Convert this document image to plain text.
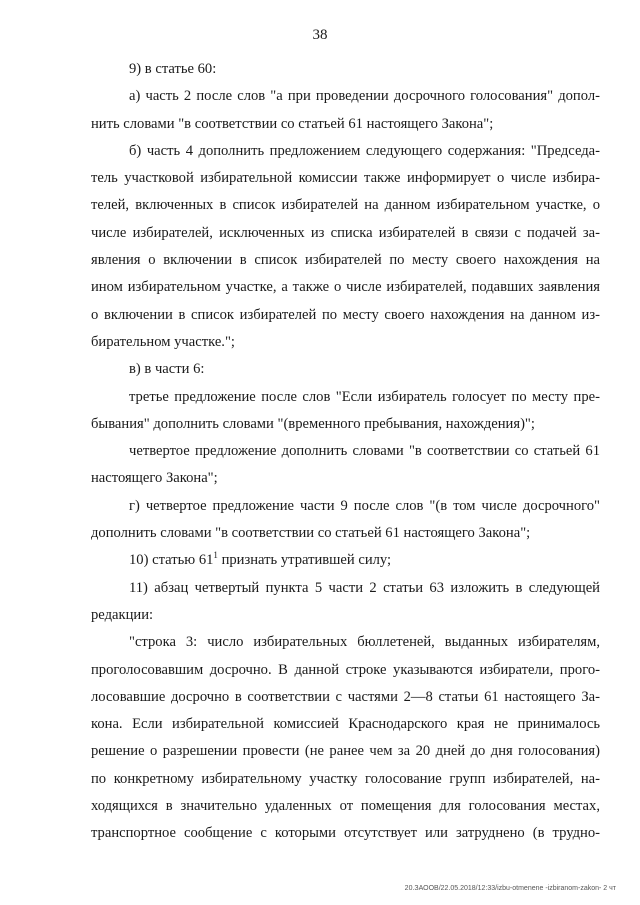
38
9) в статье 60:
а) часть 2 после слов "а при проведении досрочного голосования" допол-
нить словами "в соответствии со статьей 61 настоящего Закона";
б) часть 4 дополнить предложением следующего содержания: "Председа-
тель участковой избирательной комиссии также информирует о числе избира-
телей, включенных в список избирателей на данном избирательном участке, о
числе избирателей, исключенных из списка избирателей в связи с подачей за-
явления о включении в список избирателей по месту своего нахождения на
ином избирательном участке, а также о числе избирателей, подавших заявления
о включении в список избирателей по месту своего нахождения на данном из-
бирательном участке.";
в) в части 6:
третье предложение после слов "Если избиратель голосует по месту пре-
бывания" дополнить словами "(временного пребывания, нахождения)";
четвертое предложение дополнить словами "в соответствии со статьей 61
настоящего Закона";
г) четвертое предложение части 9 после слов "(в том числе досрочного"
дополнить словами "в соответствии со статьей 61 настоящего Закона";
10) статью $61^1$ признать утратившей силу;
11) абзац четвертый пункта 5 части 2 статьи 63 изложить в следующей
редакции:
"строка 3: число избирательных бюллетеней, выданных избирателям,
проголосовавшим досрочно. В данной строке указываются избиратели, прого-
лосовавшие досрочно в соответствии с частями 2—8 статьи 61 настоящего За-
кона. Если избирательной комиссией Краснодарского края не принималось
решение о разрешении провести (не ранее чем за 20 дней до дня голосования)
по конкретному избирательному участку голосование групп избирателей, на-
ходящихся в значительно удаленных от помещения для голосования местах,
транспортное сообщение с которыми отсутствует или затруднено (в трудно-
20.ЗАООВ/22.05.2018/12:33/izbu-otmenene -izbiranom-zakon- 2 чт
